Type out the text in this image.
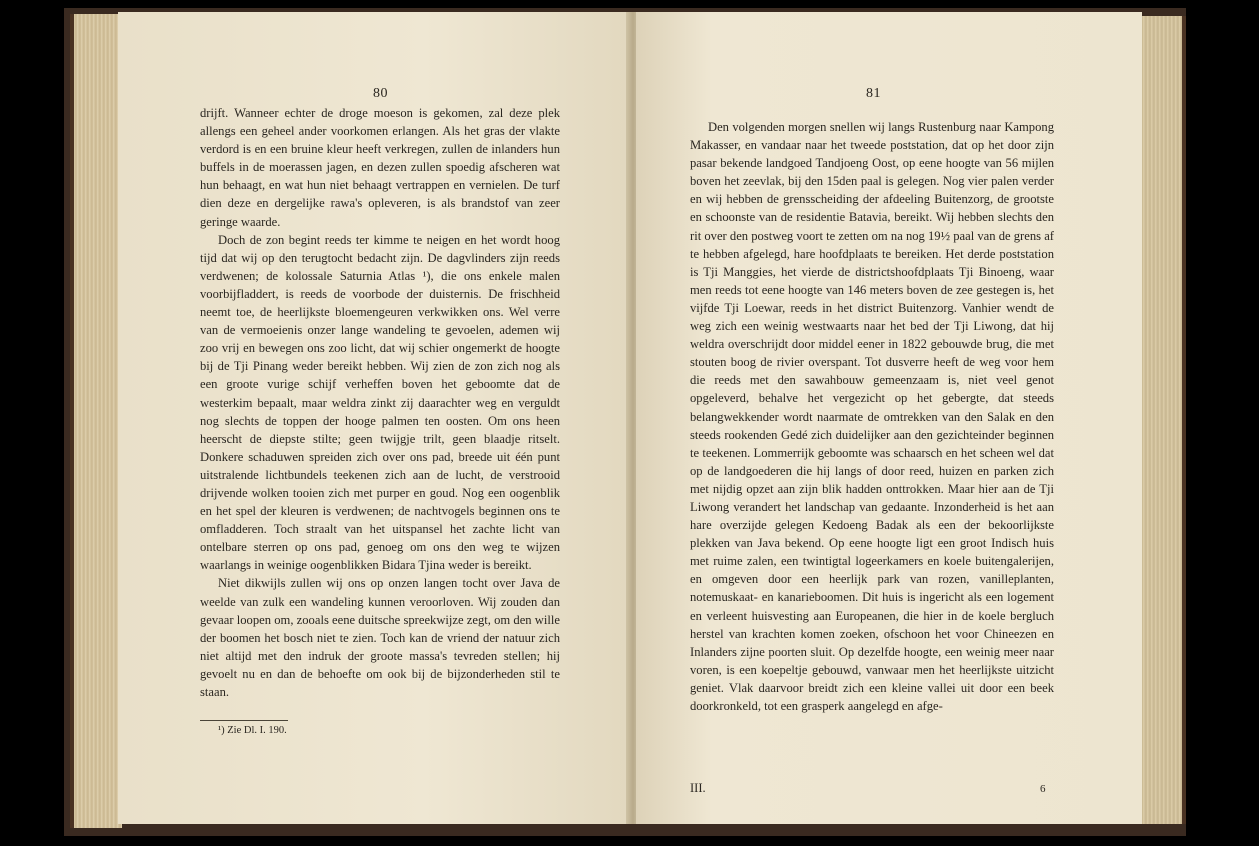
80

drijft. Wanneer echter de droge moeson is gekomen, zal deze plek allengs een geheel ander voorkomen erlangen. Als het gras der vlakte verdord is en een bruine kleur heeft verkregen, zullen de inlanders hun buffels in de moerassen jagen, en dezen zullen spoedig afscheren wat hun behaagt, en wat hun niet behaagt vertrappen en vernielen. De turf dien deze en dergelijke rawa's opleveren, is als brandstof van zeer geringe waarde.

Doch de zon begint reeds ter kimme te neigen en het wordt hoog tijd dat wij op den terugtocht bedacht zijn. De dagvlinders zijn reeds verdwenen; de kolossale Saturnia Atlas ¹), die ons enkele malen voorbijfladdert, is reeds de voorbode der duisternis. De frischheid neemt toe, de heerlijkste bloemengeuren verkwikken ons. Wel verre van de vermoeienis onzer lange wandeling te gevoelen, ademen wij zoo vrij en bewegen ons zoo licht, dat wij schier ongemerkt de hoogte bij de Tji Pinang weder bereikt hebben. Wij zien de zon zich nog als een groote vurige schijf verheffen boven het geboomte dat de westerkim bepaalt, maar weldra zinkt zij daarachter weg en verguldt nog slechts de toppen der hooge palmen ten oosten. Om ons heen heerscht de diepste stilte; geen twijgje trilt, geen blaadje ritselt. Donkere schaduwen spreiden zich over ons pad, breede uit één punt uitstralende lichtbundels teekenen zich aan de lucht, de verstrooid drijvende wolken tooien zich met purper en goud. Nog een oogenblik en het spel der kleuren is verdwenen; de nachtvogels beginnen ons te omfladderen. Toch straalt van het uitspansel het zachte licht van ontelbare sterren op ons pad, genoeg om ons den weg te wijzen waarlangs in weinige oogenblikken Bidara Tjina weder is bereikt.

Niet dikwijls zullen wij ons op onzen langen tocht over Java de weelde van zulk een wandeling kunnen veroorloven. Wij zouden dan gevaar loopen om, zooals eene duitsche spreekwijze zegt, om den wille der boomen het bosch niet te zien. Toch kan de vriend der natuur zich niet altijd met den indruk der groote massa's tevreden stellen; hij gevoelt nu en dan de behoefte om ook bij de bijzonderheden stil te staan.

¹) Zie Dl. I. 190.
81

Den volgenden morgen snellen wij langs Rustenburg naar Kampong Makasser, en vandaar naar het tweede poststation, dat op het door zijn pasar bekende landgoed Tandjoeng Oost, op eene hoogte van 56 mijlen boven het zeevlak, bij den 15den paal is gelegen. Nog vier palen verder en wij hebben de grensscheiding der afdeeling Buitenzorg, de grootste en schoonste van de residentie Batavia, bereikt. Wij hebben slechts den rit over den postweg voort te zetten om na nog 19½ paal van de grens af te hebben afgelegd, hare hoofdplaats te bereiken. Het derde poststation is Tji Manggies, het vierde de districtshoofdplaats Tji Binoeng, waar men reeds tot eene hoogte van 146 meters boven de zee gestegen is, het vijfde Tji Loewar, reeds in het district Buitenzorg. Vanhier wendt de weg zich een weinig westwaarts naar het bed der Tji Liwong, dat hij weldra overschrijdt door middel eener in 1822 gebouwde brug, die met stouten boog de rivier overspant. Tot dusverre heeft de weg voor hem die reeds met den sawahbouw gemeenzaam is, niet veel genot opgeleverd, behalve het vergezicht op het gebergte, dat steeds belangwekkender wordt naarmate de omtrekken van den Salak en den steeds rookenden Gedé zich duidelijker aan den gezichteinder beginnen te teekenen. Lommerrijk geboomte was schaarsch en het scheen wel dat op de landgoederen die hij langs of door reed, huizen en parken zich met nijdig opzet aan zijn blik hadden onttrokken. Maar hier aan de Tji Liwong verandert het landschap van gedaante. Inzonderheid is het aan hare overzijde gelegen Kedoeng Badak als een der bekoorlijkste plekken van Java bekend. Op eene hoogte ligt een groot Indisch huis met ruime zalen, een twintigtal logeerkamers en koele buitengalerijen, en omgeven door een heerlijk park van rozen, vanilleplanten, notemuskaat- en kanarieboomen. Dit huis is ingericht als een logement en verleent huisvesting aan Europeanen, die hier in de koele bergluch herstel van krachten komen zoeken, ofschoon het voor Chineezen en Inlanders zijne poorten sluit. Op dezelfde hoogte, een weinig meer naar voren, is een koepeltje gebouwd, vanwaar men het heerlijkste uitzicht geniet. Vlak daarvoor breidt zich een kleine vallei uit door een beek doorkronkeld, tot een grasperk aangelegd en afge-

III.	6
